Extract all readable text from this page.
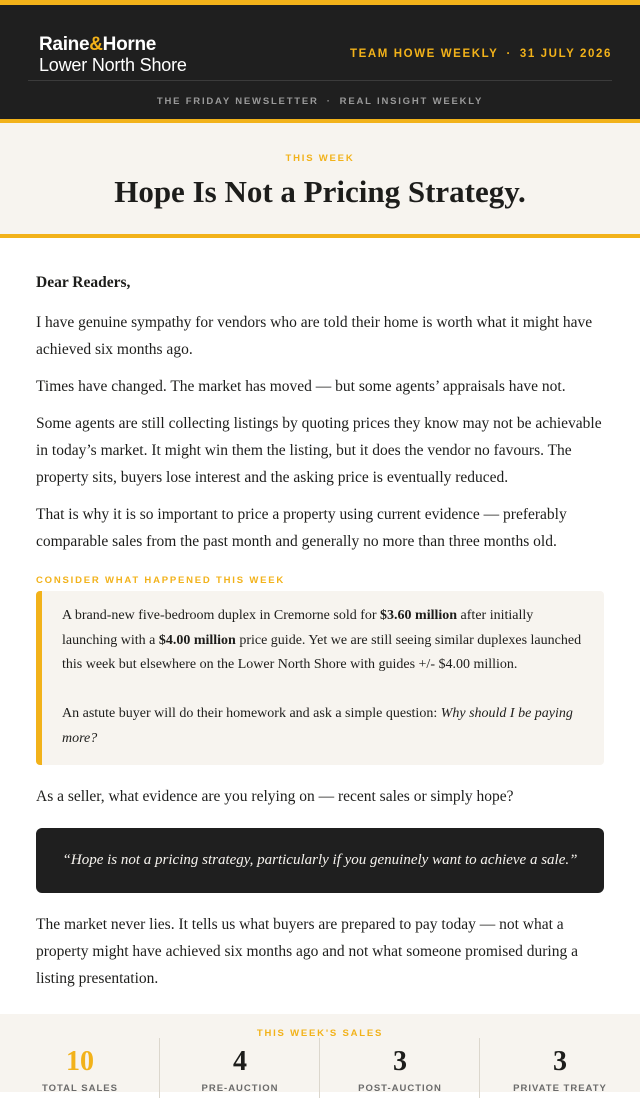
Raine&Horne
Lower North Shore
TEAM HOWE WEEKLY · 31 JULY 2026
THE FRIDAY NEWSLETTER · REAL INSIGHT WEEKLY
THIS WEEK
Hope Is Not a Pricing Strategy.

Dear Readers,

I have genuine sympathy for vendors who are told their home is worth what it might have achieved six months ago.

Times have changed. The market has moved — but some agents’ appraisals have not.

Some agents are still collecting listings by quoting prices they know may not be achievable in today’s market. It might win them the listing, but it does the vendor no favours. The property sits, buyers lose interest and the asking price is eventually reduced.

That is why it is so important to price a property using current evidence — preferably comparable sales from the past month and generally no more than three months old.

CONSIDER WHAT HAPPENED THIS WEEK

A brand-new five-bedroom duplex in Cremorne sold for $3.60 million after initially launching with a $4.00 million price guide. Yet we are still seeing similar duplexes launched this week but elsewhere on the Lower North Shore with guides +/- $4.00 million.

An astute buyer will do their homework and ask a simple question: Why should I be paying more?

As a seller, what evidence are you relying on — recent sales or simply hope?

“Hope is not a pricing strategy, particularly if you genuinely want to achieve a sale.”

The market never lies. It tells us what buyers are prepared to pay today — not what a property might have achieved six months ago and not what someone promised during a listing presentation.

THIS WEEK'S SALES
10
TOTAL SALES
4
PRE-AUCTION
3
POST-AUCTION
3
PRIVATE TREATY
